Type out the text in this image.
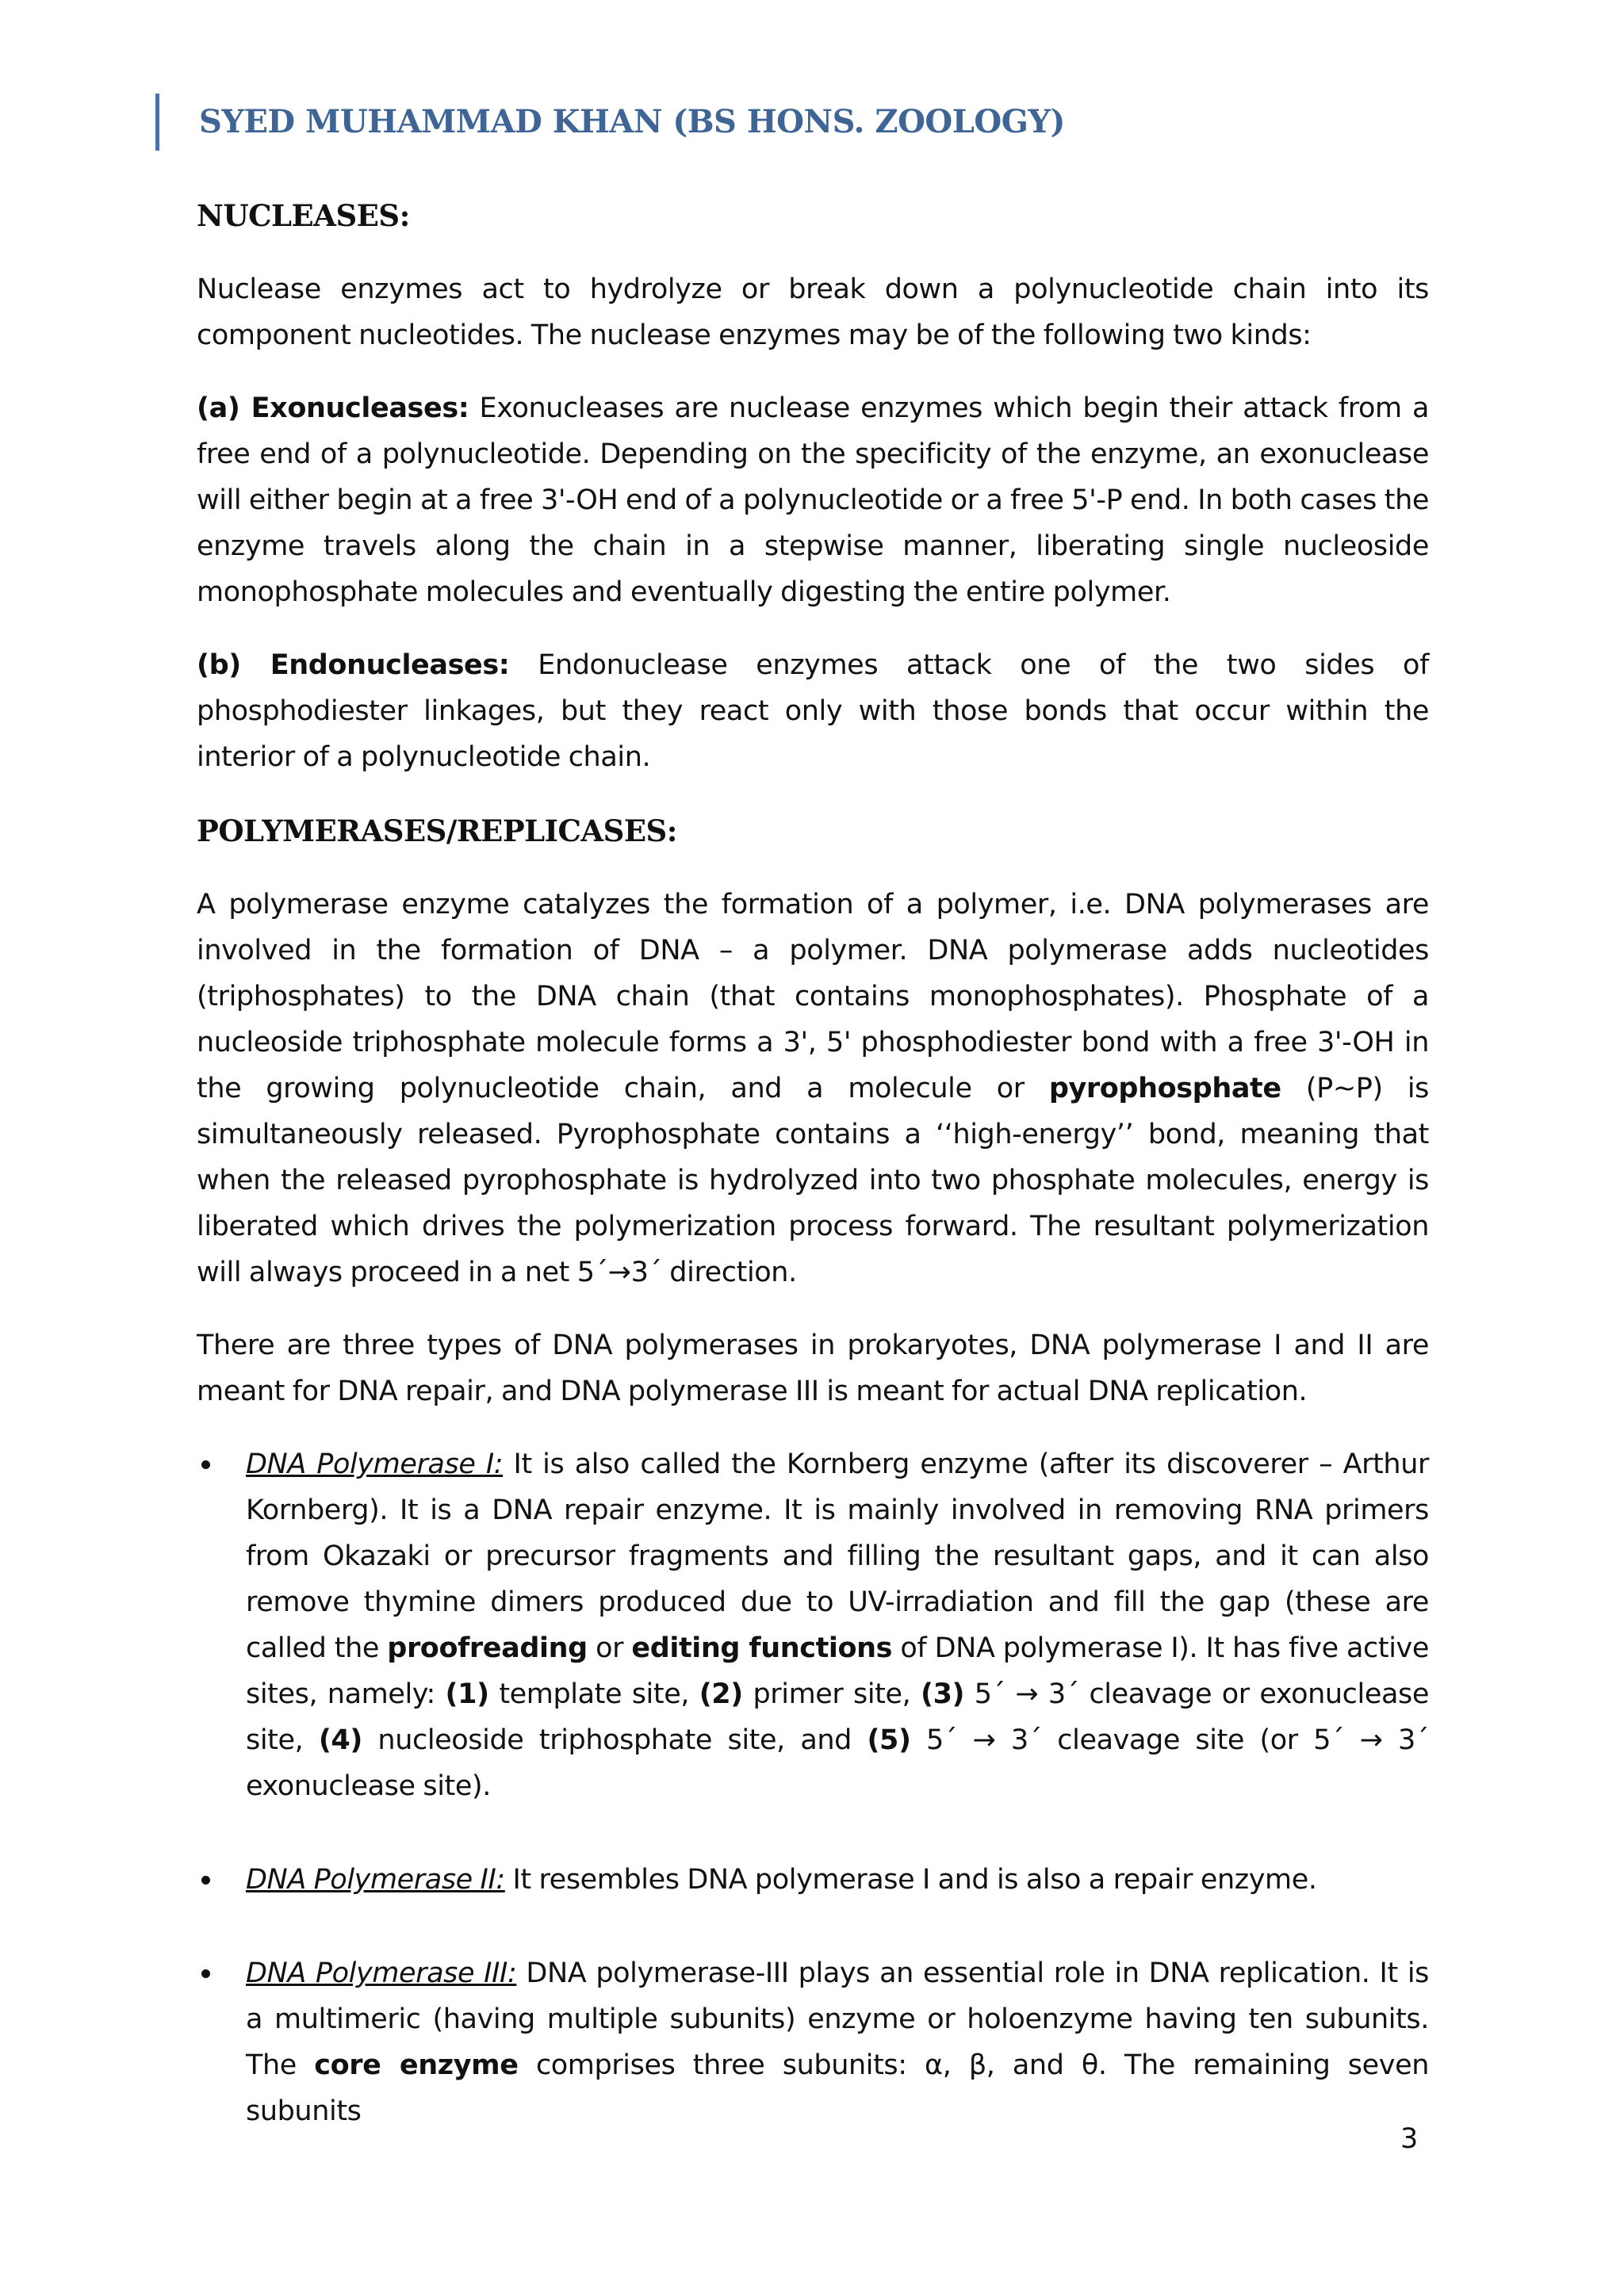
SYED MUHAMMAD KHAN (BS HONS. ZOOLOGY)
NUCLEASES:

Nuclease enzymes act to hydrolyze or break down a polynucleotide chain into its component nucleotides. The nuclease enzymes may be of the following two kinds:

(a) Exonucleases: Exonucleases are nuclease enzymes which begin their attack from a free end of a polynucleotide. Depending on the specificity of the enzyme, an exonuclease will either begin at a free 3'-OH end of a polynucleotide or a free 5'-P end. In both cases the enzyme travels along the chain in a stepwise manner, liberating single nucleoside monophosphate molecules and eventually digesting the entire polymer.

(b) Endonucleases: Endonuclease enzymes attack one of the two sides of phosphodiester linkages, but they react only with those bonds that occur within the interior of a polynucleotide chain.

POLYMERASES/REPLICASES:

A polymerase enzyme catalyzes the formation of a polymer, i.e. DNA polymerases are involved in the formation of DNA – a polymer. DNA polymerase adds nucleotides (triphosphates) to the DNA chain (that contains monophosphates). Phosphate of a nucleoside triphosphate molecule forms a 3', 5' phosphodiester bond with a free 3'-OH in the growing polynucleotide chain, and a molecule or pyrophosphate (P~P) is simultaneously released. Pyrophosphate contains a ‘‘high-energy’’ bond, meaning that when the released pyrophosphate is hydrolyzed into two phosphate molecules, energy is liberated which drives the polymerization process forward. The resultant polymerization will always proceed in a net 5´→3´ direction.

There are three types of DNA polymerases in prokaryotes, DNA polymerase I and II are meant for DNA repair, and DNA polymerase III is meant for actual DNA replication.

DNA Polymerase I: It is also called the Kornberg enzyme (after its discoverer – Arthur Kornberg). It is a DNA repair enzyme. It is mainly involved in removing RNA primers from Okazaki or precursor fragments and filling the resultant gaps, and it can also remove thymine dimers produced due to UV-irradiation and fill the gap (these are called the proofreading or editing functions of DNA polymerase I). It has five active sites, namely: (1) template site, (2) primer site, (3) 5´ → 3´ cleavage or exonuclease site, (4) nucleoside triphosphate site, and (5) 5´ → 3´ cleavage site (or 5´ → 3´ exonuclease site).
DNA Polymerase II: It resembles DNA polymerase I and is also a repair enzyme.
DNA Polymerase III: DNA polymerase-III plays an essential role in DNA replication. It is a multimeric (having multiple subunits) enzyme or holoenzyme having ten subunits. The core enzyme comprises three subunits: α, β, and θ. The remaining seven subunits
3
